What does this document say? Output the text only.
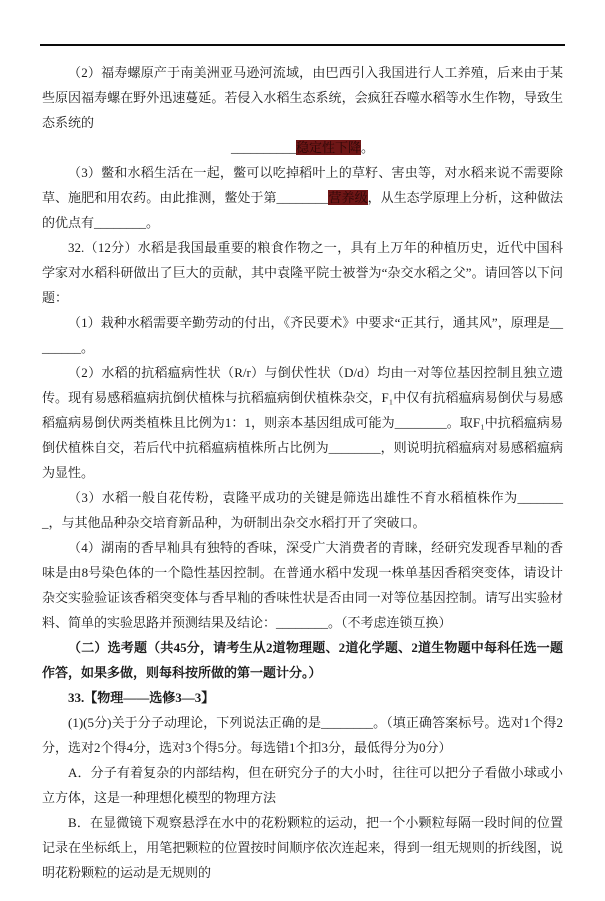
（2）福寿螺原产于南美洲亚马逊河流域，由巴西引入我国进行人工养殖，后来由于某些原因福寿螺在野外迅速蔓延。若侵入水稻生态系统，会疯狂吞噬水稻等水生作物，导致生态系统的

__________稳定性下降。

（3）鳖和水稻生活在一起，鳖可以吃掉稻叶上的草籽、害虫等，对水稻来说不需要除草、施肥和用农药。由此推测，鳖处于第________营养级，从生态学原理上分析，这种做法的优点有________。

32.（12分）水稻是我国最重要的粮食作物之一，具有上万年的种植历史，近代中国科学家对水稻科研做出了巨大的贡献，其中袁隆平院士被誉为“杂交水稻之父”。请回答以下问题：

（1）栽种水稻需要辛勤劳动的付出，《齐民要术》中要求“正其行，通其风”，原理是________。

（2）水稻的抗稻瘟病性状（R/r）与倒伏性状（D/d）均由一对等位基因控制且独立遗传。现有易感稻瘟病抗倒伏植株与抗稻瘟病倒伏植株杂交，F₁中仅有抗稻瘟病易倒伏与易感稻瘟病易倒伏两类植株且比例为1：1，则亲本基因组成可能为________。取F₁中抗稻瘟病易倒伏植株自交，若后代中抗稻瘟病植株所占比例为________，则说明抗稻瘟病对易感稻瘟病为显性。

（3）水稻一般自花传粉，袁隆平成功的关键是筛选出雄性不育水稻植株作为________，与其他品种杂交培育新品种，为研制出杂交水稻打开了突破口。

（4）湖南的香早籼具有独特的香味，深受广大消费者的青睐，经研究发现香早籼的香味是由8号染色体的一个隐性基因控制。在普通水稻中发现一株单基因香稻突变体，请设计杂交实验验证该香稻突变体与香早籼的香味性状是否由同一对等位基因控制。请写出实验材料、简单的实验思路并预测结果及结论：________。（不考虑连锁互换）

（二）选考题（共45分，请考生从2道物理题、2道化学题、2道生物题中每科任选一题作答，如果多做，则每科按所做的第一题计分。）

33.【物理——选修3—3】

(1)(5分)关于分子动理论，下列说法正确的是________。（填正确答案标号。选对1个得2分，选对2个得4分，选对3个得5分。每选错1个扣3分，最低得分为0分）

A．分子有着复杂的内部结构，但在研究分子的大小时，往往可以把分子看做小球或小立方体，这是一种理想化模型的物理方法

B．在显微镜下观察悬浮在水中的花粉颗粒的运动，把一个小颗粒每隔一段时间的位置记录在坐标纸上，用笔把颗粒的位置按时间顺序依次连起来，得到一组无规则的折线图，说明花粉颗粒的运动是无规则的
